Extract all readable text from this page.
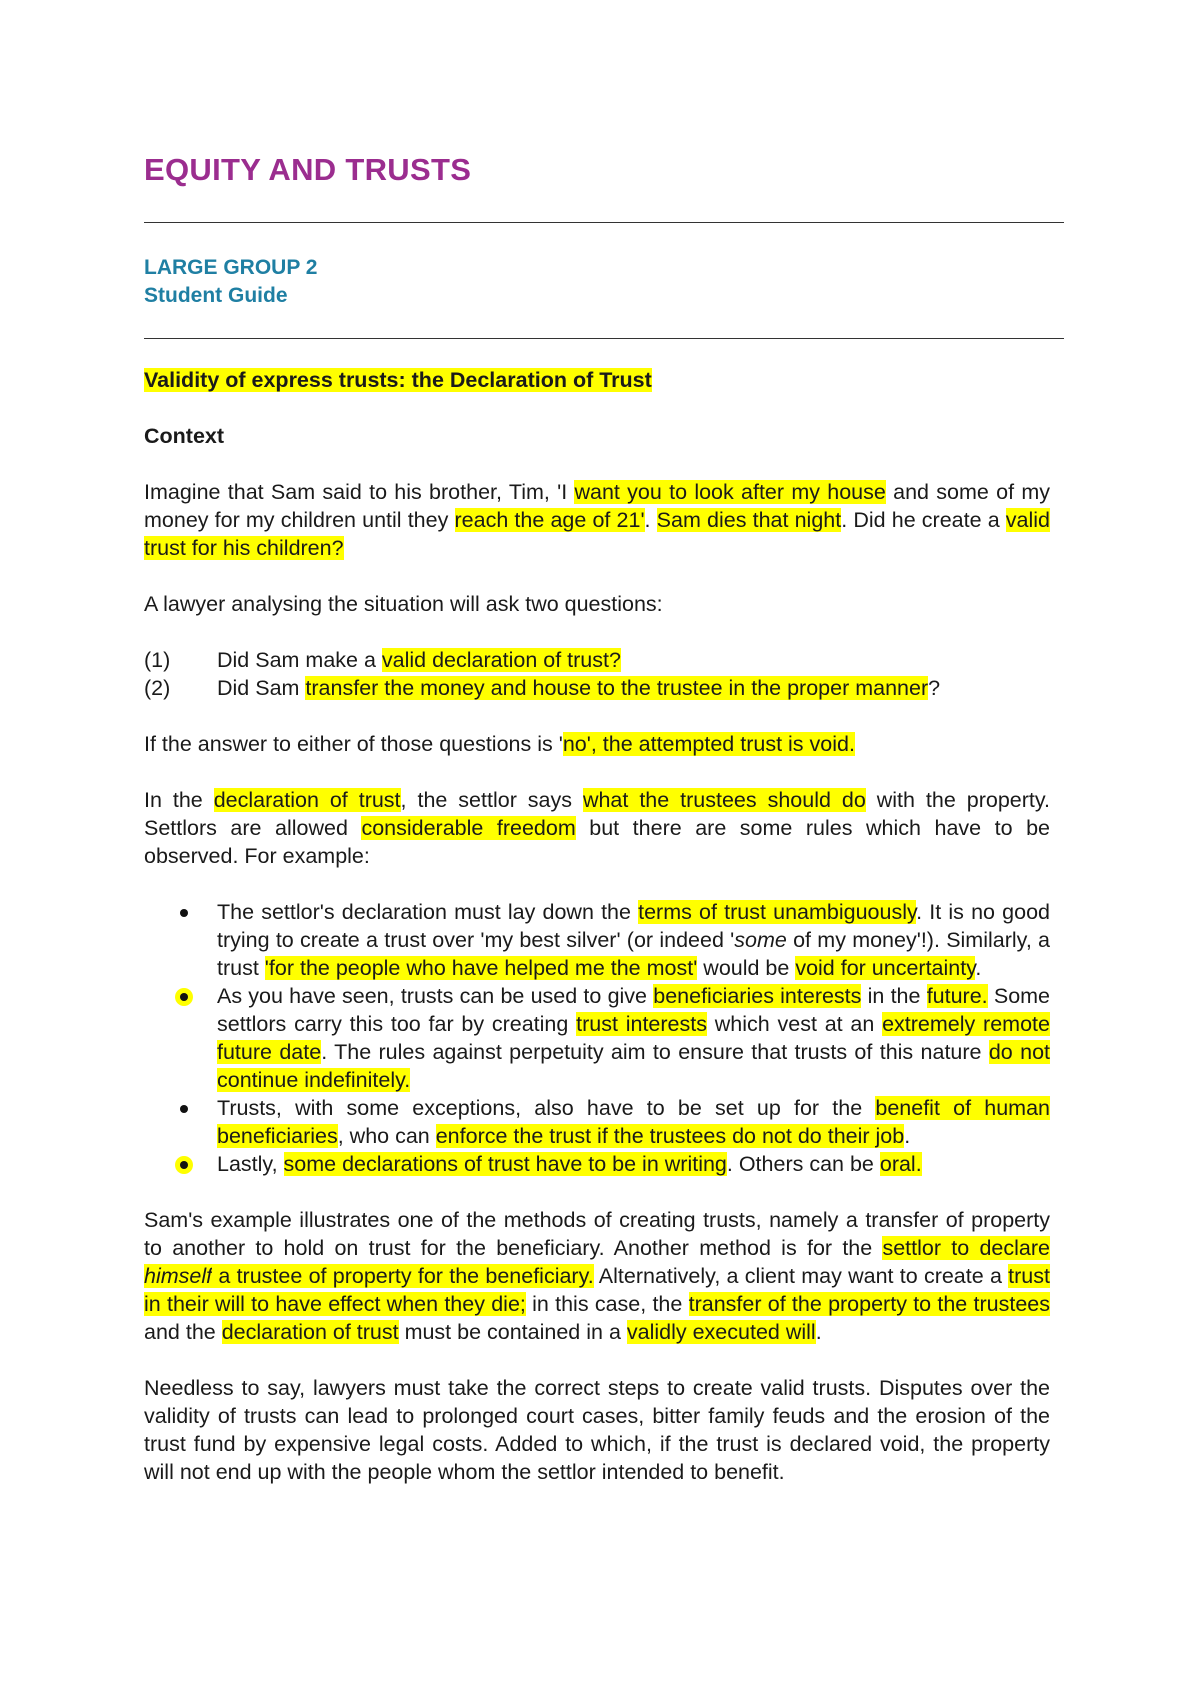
EQUITY AND TRUSTS
LARGE GROUP 2
Student Guide

Validity of express trusts: the Declaration of Trust

Context

Imagine that Sam said to his brother, Tim, 'I want you to look after my house and some of my money for my children until they reach the age of 21'. Sam dies that night. Did he create a valid trust for his children?

A lawyer analysing the situation will ask two questions:

(1)	Did Sam make a valid declaration of trust?
(2)	Did Sam transfer the money and house to the trustee in the proper manner?

If the answer to either of those questions is 'no', the attempted trust is void.

In the declaration of trust, the settlor says what the trustees should do with the property. Settlors are allowed considerable freedom but there are some rules which have to be observed. For example:

The settlor's declaration must lay down the terms of trust unambiguously. It is no good trying to create a trust over 'my best silver' (or indeed 'some of my money'!). Similarly, a trust 'for the people who have helped me the most' would be void for uncertainty.
As you have seen, trusts can be used to give beneficiaries interests in the future. Some settlors carry this too far by creating trust interests which vest at an extremely remote future date. The rules against perpetuity aim to ensure that trusts of this nature do not continue indefinitely.
Trusts, with some exceptions, also have to be set up for the benefit of human beneficiaries, who can enforce the trust if the trustees do not do their job.
Lastly, some declarations of trust have to be in writing. Others can be oral.

Sam's example illustrates one of the methods of creating trusts, namely a transfer of property to another to hold on trust for the beneficiary. Another method is for the settlor to declare himself a trustee of property for the beneficiary. Alternatively, a client may want to create a trust in their will to have effect when they die; in this case, the transfer of the property to the trustees and the declaration of trust must be contained in a validly executed will.

Needless to say, lawyers must take the correct steps to create valid trusts. Disputes over the validity of trusts can lead to prolonged court cases, bitter family feuds and the erosion of the trust fund by expensive legal costs. Added to which, if the trust is declared void, the property will not end up with the people whom the settlor intended to benefit.
